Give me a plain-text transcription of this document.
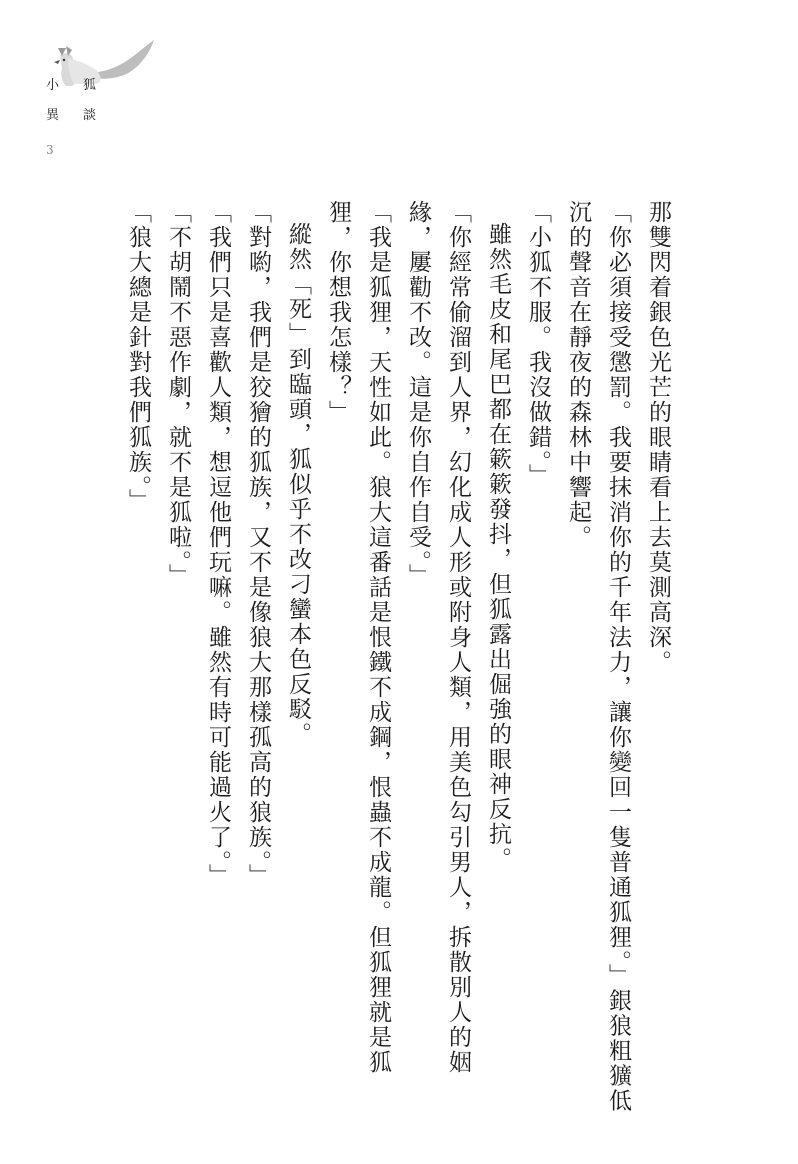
小狐
異談
3

那雙閃着銀色光芒的眼睛看上去莫測高深。

「你必須接受懲罰。我要抹消你的千年法力，讓你變回一隻普通狐狸。」銀狼粗獷低沉的聲音在靜夜的森林中響起。

「小狐不服。我沒做錯。」

雖然毛皮和尾巴都在簌簌發抖，但狐露出倔強的眼神反抗。

「你經常偷溜到人界，幻化成人形或附身人類，用美色勾引男人，拆散別人的姻緣，屢勸不改。這是你自作自受。」

「我是狐狸，天性如此。狼大這番話是恨鐵不成鋼，恨蟲不成龍。但狐狸就是狐狸，你想我怎樣？」

縱然「死」到臨頭，狐似乎不改刁蠻本色反駁。

「對喲，我們是狡獪的狐族，又不是像狼大那樣孤高的狼族。」

「我們只是喜歡人類，想逗他們玩嘛。雖然有時可能過火了。」

「不胡鬧不惡作劇，就不是狐啦。」

「狼大總是針對我們狐族。」
